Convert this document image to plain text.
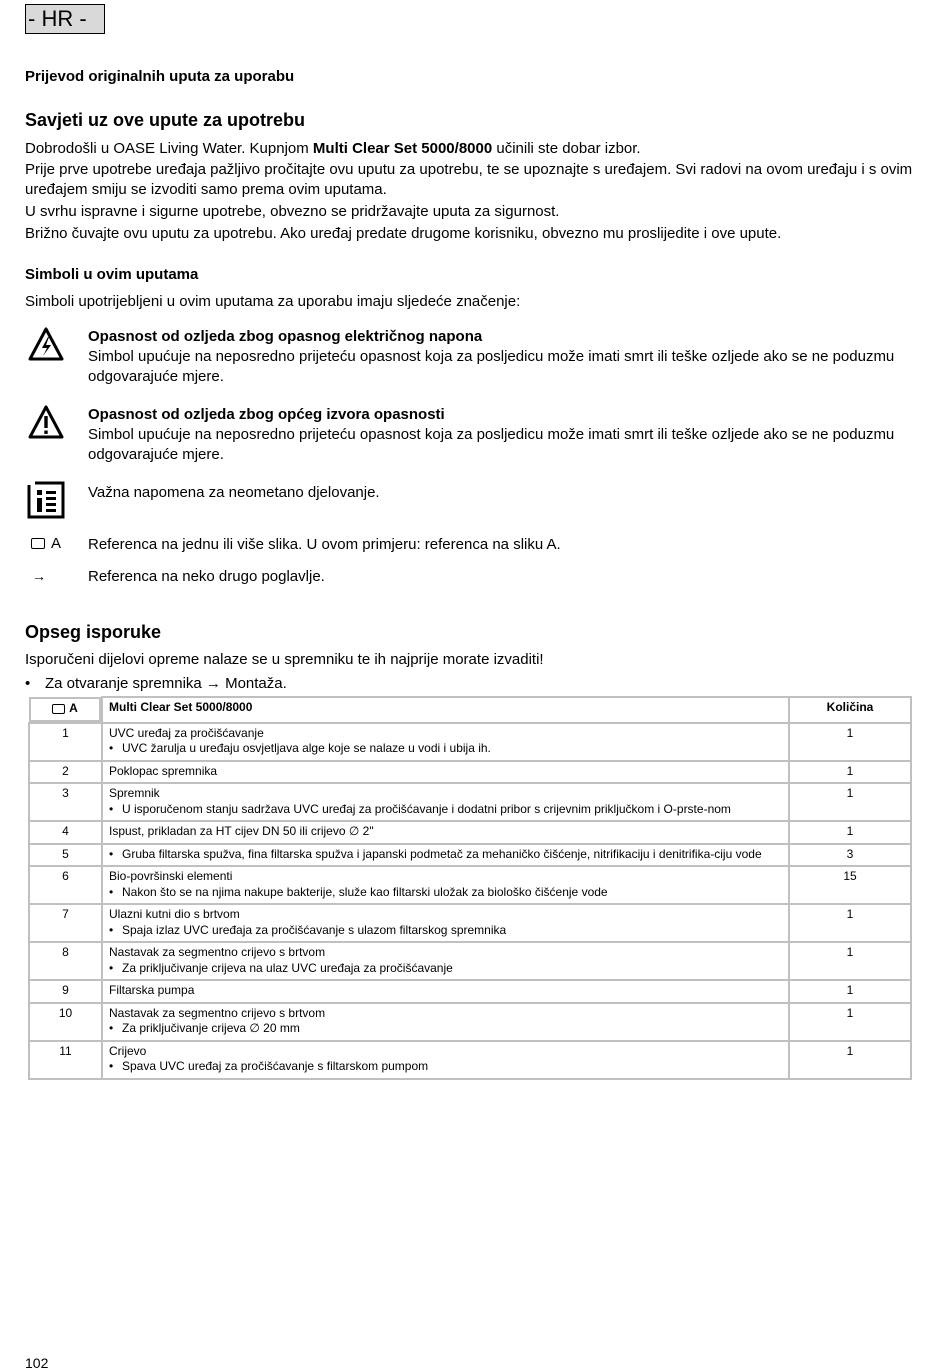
- HR -
Prijevod originalnih uputa za uporabu
Savjeti uz ove upute za upotrebu
Dobrodošli u OASE Living Water. Kupnjom Multi Clear Set 5000/8000 učinili ste dobar izbor.
Prije prve upotrebe uređaja pažljivo pročitajte ovu uputu za upotrebu, te se upoznajte s uređajem. Svi radovi na ovom uređaju i s ovim uređajem smiju se izvoditi samo prema ovim uputama.
U svrhu ispravne i sigurne upotrebe, obvezno se pridržavajte uputa za sigurnost.
Brižno čuvajte ovu uputu za upotrebu. Ako uređaj predate drugome korisniku, obvezno mu proslijedite i ove upute.
Simboli u ovim uputama
Simboli upotrijebljeni u ovim uputama za uporabu imaju sljedeće značenje:
Opasnost od ozljeda zbog opasnog električnog napona
Simbol upućuje na neposredno prijeteću opasnost koja za posljedicu može imati smrt ili teške ozljede ako se ne poduzmu odgovarajuće mjere.
Opasnost od ozljeda zbog općeg izvora opasnosti
Simbol upućuje na neposredno prijeteću opasnost koja za posljedicu može imati smrt ili teške ozljede ako se ne poduzmu odgovarajuće mjere.
Važna napomena za neometano djelovanje.
A Referenca na jednu ili više slika. U ovom primjeru: referenca na sliku A.
→	Referenca na neko drugo poglavlje.
Opseg isporuke
Isporučeni dijelovi opreme nalaze se u spremniku te ih najprije morate izvaditi!
• Za otvaranje spremnika → Montaža.
A	Multi Clear Set 5000/8000	Količina
1	UVC uređaj za pročišćavanje
• UVC žarulja u uređaju osvjetljava alge koje se nalaze u vodi i ubija ih.	1
2	Poklopac spremnika	1
3	Spremnik
• U isporučenom stanju sadržava UVC uređaj za pročišćavanje i dodatni pribor s crijevnim priključkom i O-prste-nom	1
4	Ispust, prikladan za HT cijev DN 50 ili crijevo ∅ 2"	1
5	• Gruba filtarska spužva, fina filtarska spužva i japanski podmetač za mehaničko čišćenje, nitrifikaciju i denitrifika-ciju vode	3
6	Bio-površinski elementi
• Nakon što se na njima nakupe bakterije, služe kao filtarski uložak za biološko čišćenje vode	15
7	Ulazni kutni dio s brtvom
• Spaja izlaz UVC uređaja za pročišćavanje s ulazom filtarskog spremnika	1
8	Nastavak za segmentno crijevo s brtvom
• Za priključivanje crijeva na ulaz UVC uređaja za pročišćavanje	1
9	Filtarska pumpa	1
10	Nastavak za segmentno crijevo s brtvom
• Za priključivanje crijeva ∅ 20 mm	1
11	Crijevo
• Spava UVC uređaj za pročišćavanje s filtarskom pumpom	1
102
